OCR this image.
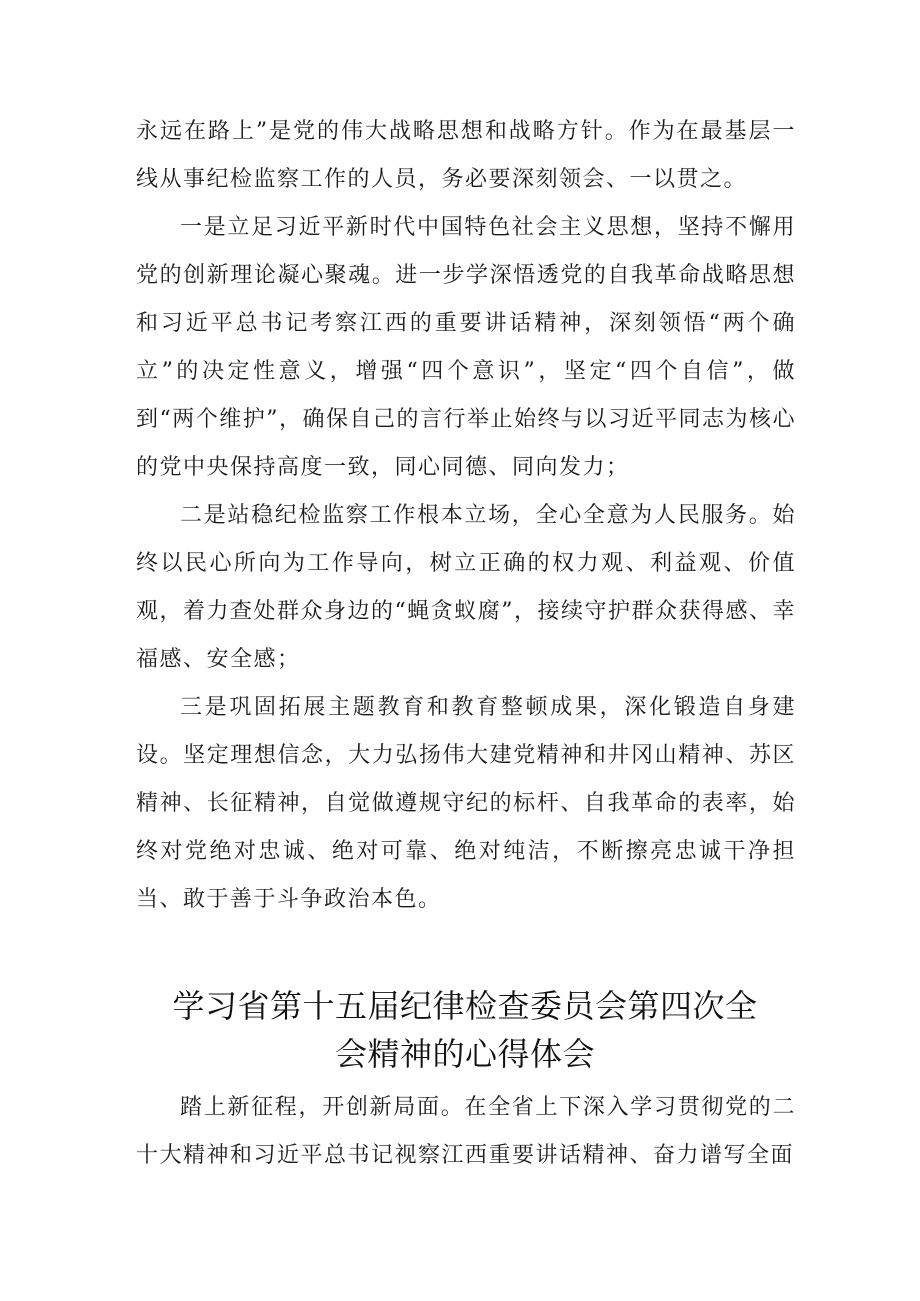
永远在路上”是党的伟大战略思想和战略方针。作为在最基层一线从事纪检监察工作的人员，务必要深刻领会、一以贯之。

一是立足习近平新时代中国特色社会主义思想，坚持不懈用党的创新理论凝心聚魂。进一步学深悟透党的自我革命战略思想和习近平总书记考察江西的重要讲话精神，深刻领悟“两个确立”的决定性意义，增强“四个意识”，坚定“四个自信”，做到“两个维护”，确保自己的言行举止始终与以习近平同志为核心的党中央保持高度一致，同心同德、同向发力；

二是站稳纪检监察工作根本立场，全心全意为人民服务。始终以民心所向为工作导向，树立正确的权力观、利益观、价值观，着力查处群众身边的“蝇贪蚁腐”，接续守护群众获得感、幸福感、安全感；

三是巩固拓展主题教育和教育整顿成果，深化锻造自身建设。坚定理想信念，大力弘扬伟大建党精神和井冈山精神、苏区精神、长征精神，自觉做遵规守纪的标杆、自我革命的表率，始终对党绝对忠诚、绝对可靠、绝对纯洁，不断擦亮忠诚干净担当、敢于善于斗争政治本色。

学习省第十五届纪律检查委员会第四次全
会精神的心得体会

踏上新征程，开创新局面。在全省上下深入学习贯彻党的二十大精神和习近平总书记视察江西重要讲话精神、奋力谱写全面
